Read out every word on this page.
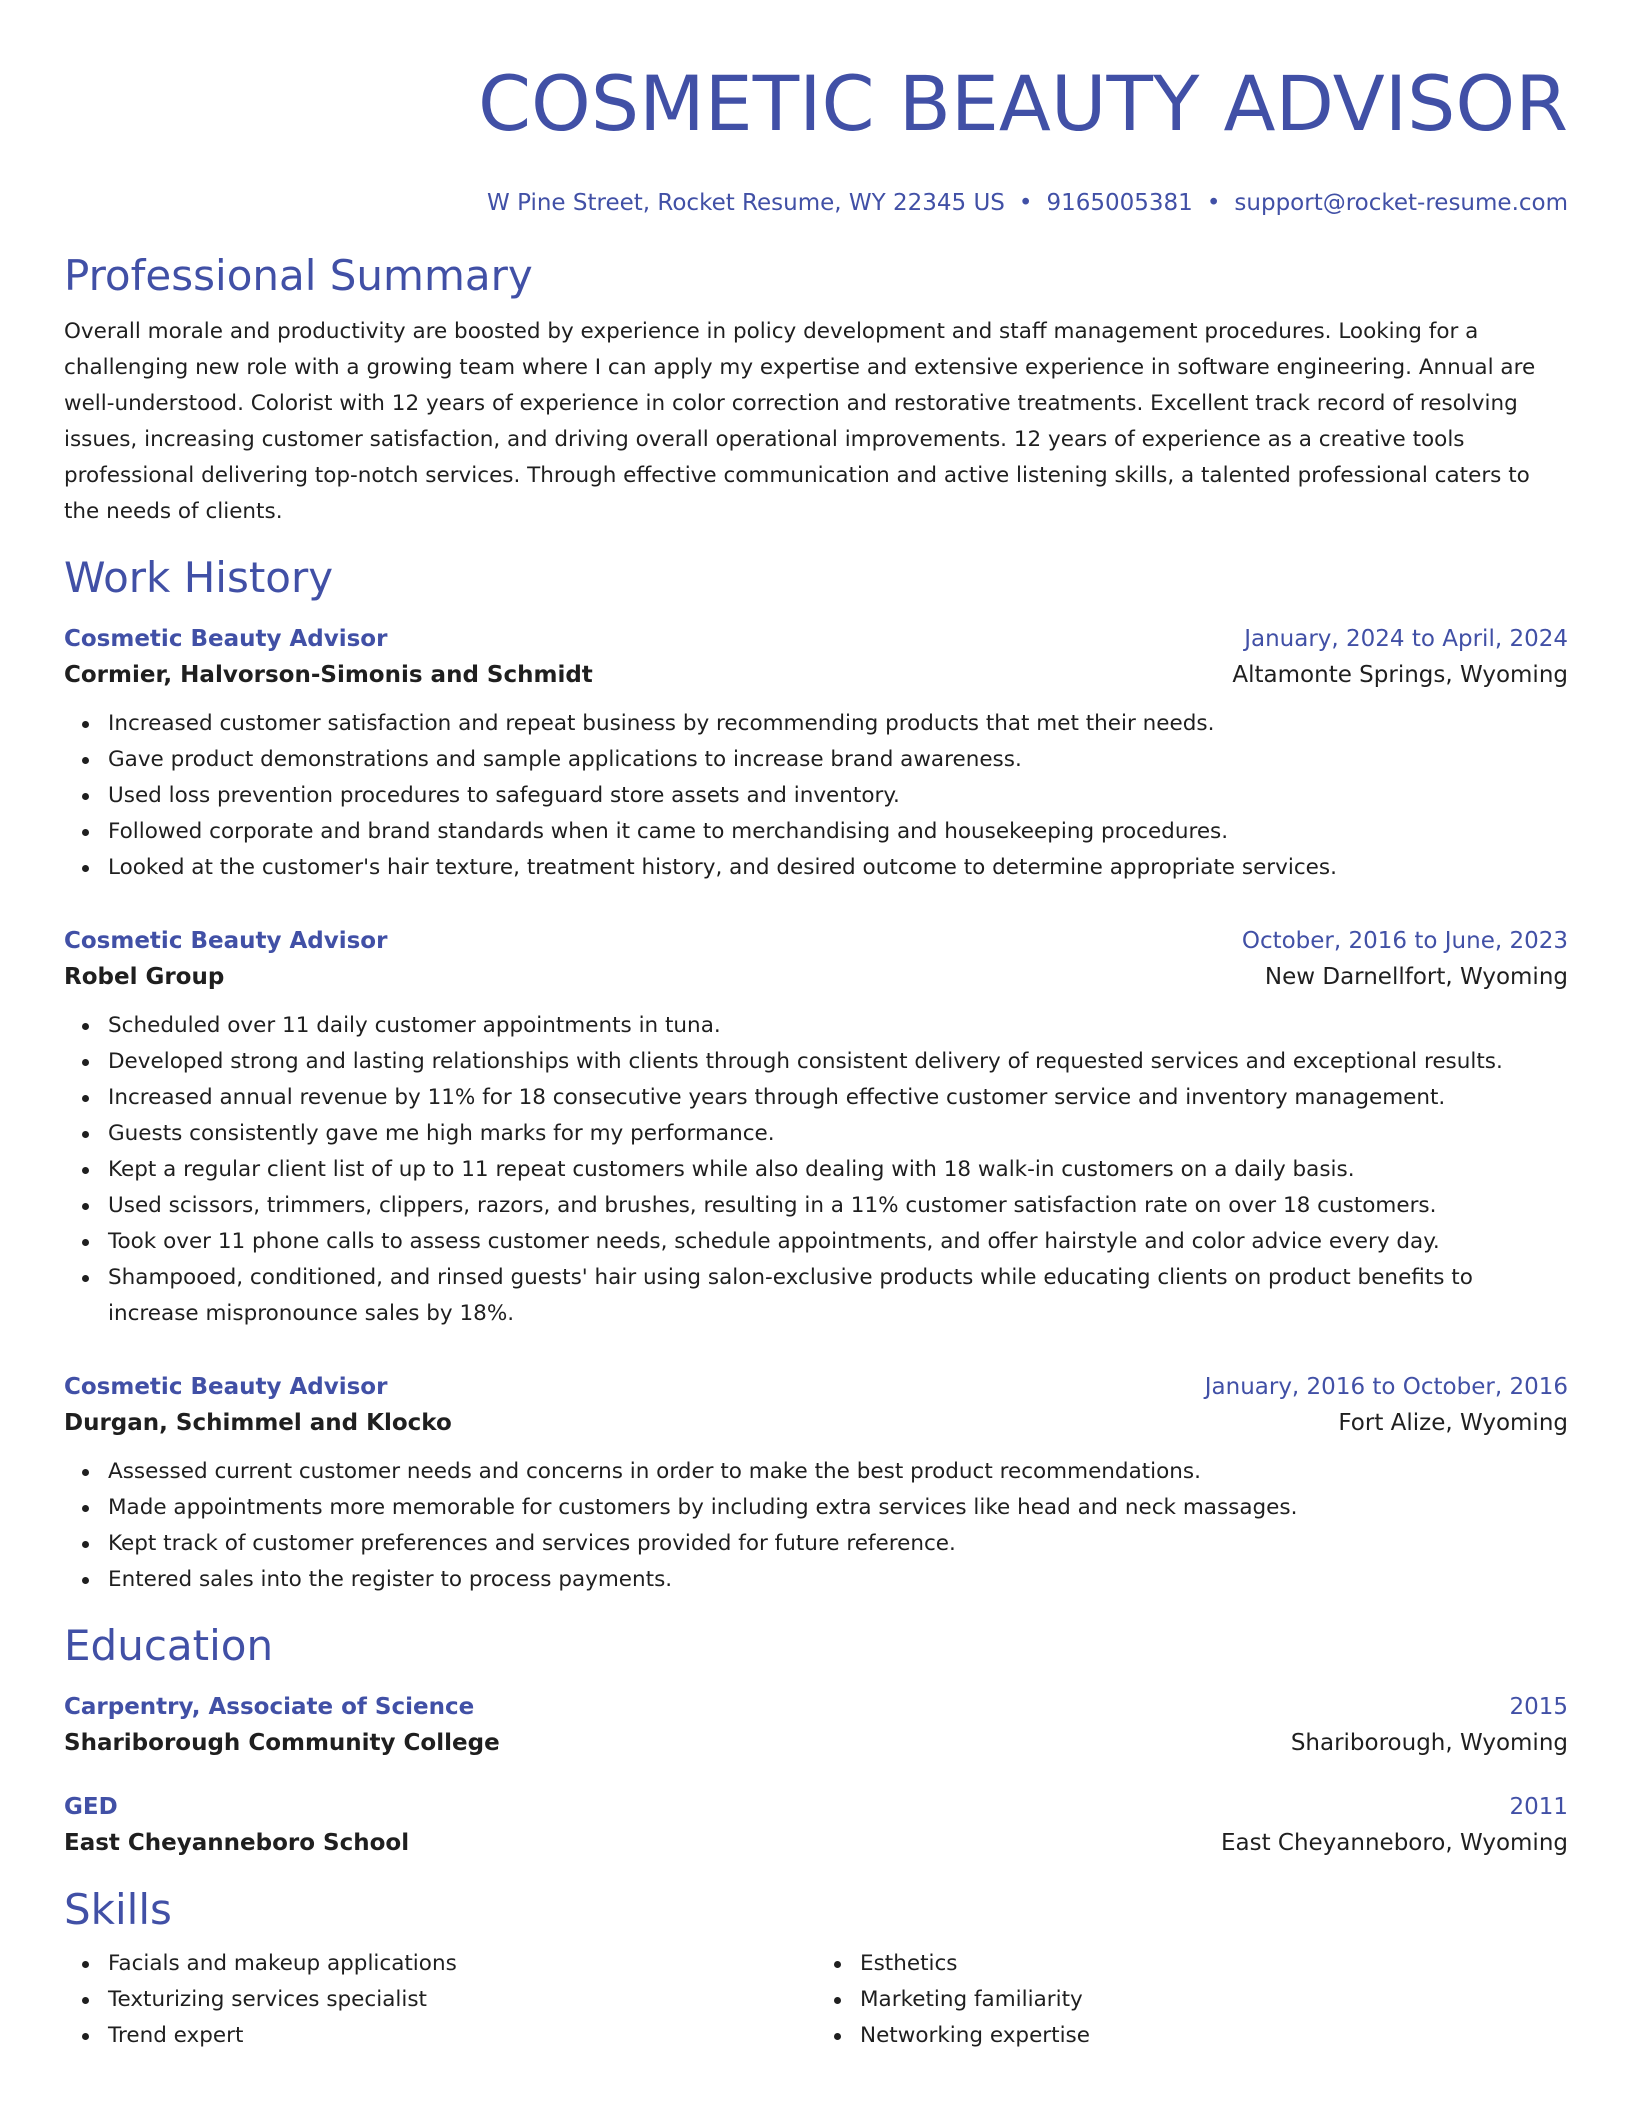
COSMETIC BEAUTY ADVISOR
W Pine Street, Rocket Resume, WY 22345 US • 9165005381 • support@rocket-resume.com
Professional Summary
Overall morale and productivity are boosted by experience in policy development and staff management procedures. Looking for a challenging new role with a growing team where I can apply my expertise and extensive experience in software engineering. Annual are well-understood. Colorist with 12 years of experience in color correction and restorative treatments. Excellent track record of resolving issues, increasing customer satisfaction, and driving overall operational improvements. 12 years of experience as a creative tools professional delivering top-notch services. Through effective communication and active listening skills, a talented professional caters to the needs of clients.
Work History
Cosmetic Beauty Advisor	January, 2024 to April, 2024
Cormier, Halvorson-Simonis and Schmidt	Altamonte Springs, Wyoming
Increased customer satisfaction and repeat business by recommending products that met their needs.
Gave product demonstrations and sample applications to increase brand awareness.
Used loss prevention procedures to safeguard store assets and inventory.
Followed corporate and brand standards when it came to merchandising and housekeeping procedures.
Looked at the customer's hair texture, treatment history, and desired outcome to determine appropriate services.
Cosmetic Beauty Advisor	October, 2016 to June, 2023
Robel Group	New Darnellfort, Wyoming
Scheduled over 11 daily customer appointments in tuna.
Developed strong and lasting relationships with clients through consistent delivery of requested services and exceptional results.
Increased annual revenue by 11% for 18 consecutive years through effective customer service and inventory management.
Guests consistently gave me high marks for my performance.
Kept a regular client list of up to 11 repeat customers while also dealing with 18 walk-in customers on a daily basis.
Used scissors, trimmers, clippers, razors, and brushes, resulting in a 11% customer satisfaction rate on over 18 customers.
Took over 11 phone calls to assess customer needs, schedule appointments, and offer hairstyle and color advice every day.
Shampooed, conditioned, and rinsed guests' hair using salon-exclusive products while educating clients on product benefits to increase mispronounce sales by 18%.
Cosmetic Beauty Advisor	January, 2016 to October, 2016
Durgan, Schimmel and Klocko	Fort Alize, Wyoming
Assessed current customer needs and concerns in order to make the best product recommendations.
Made appointments more memorable for customers by including extra services like head and neck massages.
Kept track of customer preferences and services provided for future reference.
Entered sales into the register to process payments.
Education
Carpentry, Associate of Science	2015
Shariborough Community College	Shariborough, Wyoming
GED	2011
East Cheyanneboro School	East Cheyanneboro, Wyoming
Skills
Facials and makeup applications
Texturizing services specialist
Trend expert
Esthetics
Marketing familiarity
Networking expertise
